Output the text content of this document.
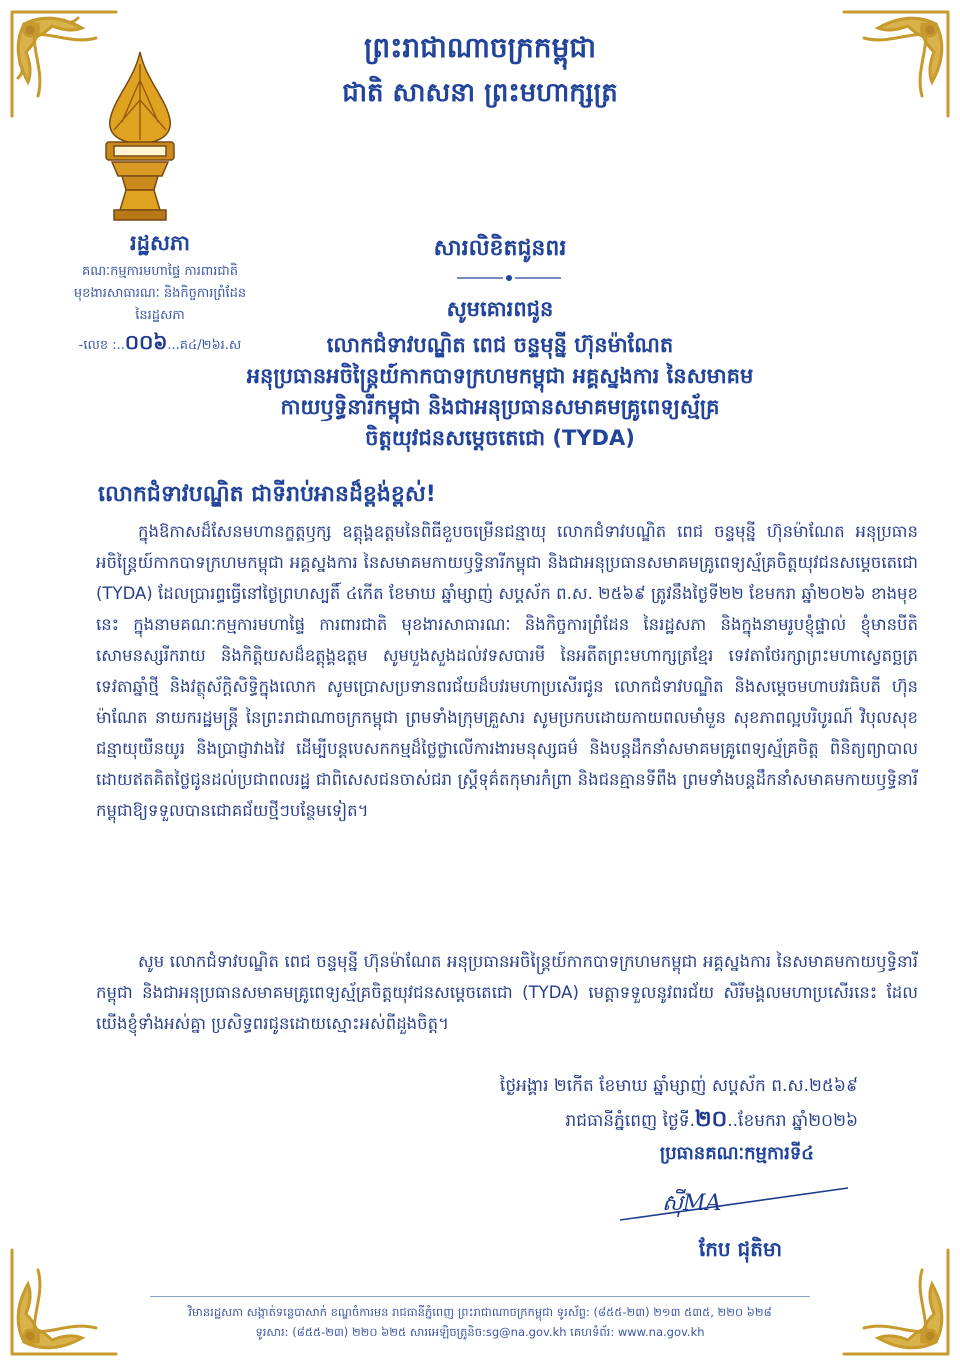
ព្រះរាជាណាចក្រកម្ពុជា
ជាតិ សាសនា ព្រះមហាក្សត្រ
រដ្ឋសភា
គណៈកម្មការមហាផ្ទៃ ការពារជាតិ
មុខងារសាធារណៈ និងកិច្ចការព្រំដែន
នៃរដ្ឋសភា
-លេខ :..០០៦...គ៤/២៦រ.ស
សារលិខិតជូនពរ
សូមគោរពជូន
លោកជំទាវបណ្ឌិត ពេជ ចន្ទមុន្នី ហ៊ុនម៉ាណែត
អនុប្រធានអចិន្ត្រៃយ៍កាកបាទក្រហមកម្ពុជា អគ្គស្នងការ នៃសមាគម
កាយឫទ្ធិនារីកម្ពុជា និងជាអនុប្រធានសមាគមគ្រូពេទ្យស្ម័គ្រ
ចិត្តយុវជនសម្តេចតេជោ (TYDA)
លោកជំទាវបណ្ឌិត ជាទីរាប់អានដ៏ខ្ពង់ខ្ពស់!
ក្នុងឱកាសដ៏សែនមហានក្ខត្តឫក្ស ឧត្តុង្គឧត្តមនៃពិធីខួបចម្រើនជន្មាយុ លោកជំទាវបណ្ឌិត ពេជ ចន្ទមុន្នី ហ៊ុនម៉ាណែត អនុប្រធានអចិន្ត្រៃយ៍កាកបាទក្រហមកម្ពុជា អគ្គស្នងការ នៃសមាគមកាយឫទ្ធិនារីកម្ពុជា និងជាអនុប្រធានសមាគមគ្រូពេទ្យស្ម័គ្រចិត្តយុវជនសម្តេចតេជោ (TYDA) ដែលប្រារព្ធធ្វើនៅថ្ងៃព្រហស្បតិ៍ ៤កើត ខែមាឃ ឆ្នាំម្សាញ់ សប្តស័ក ព.ស. ២៥៦៩ ត្រូវនឹងថ្ងៃទី២២ ខែមករា ឆ្នាំ២០២៦ ខាងមុខនេះ ក្នុងនាមគណៈកម្មការមហាផ្ទៃ ការពារជាតិ មុខងារសាធារណៈ និងកិច្ចការព្រំដែន នៃរដ្ឋសភា និងក្នុងនាមរូបខ្ញុំផ្ទាល់ ខ្ញុំមានបីតិសោមនស្សរីករាយ និងកិត្តិយសដ៏ឧត្តុង្គឧត្តម សូមបួងសួងដល់វទសបារមី នៃអតីតព្រះមហាក្សត្រខ្មែរ ទេវតាថែរក្សាព្រះមហាស្វេតច្ឆត្រ ទេវតាឆ្នាំថ្មី និងវត្ថុស័ក្តិសិទ្ធិក្នុងលោក សូមប្រោសប្រទានពរជ័យដ៏បវរមហាប្រសើរជូន លោកជំទាវបណ្ឌិត និងសម្តេចមហាបវរធិបតី ហ៊ុន ម៉ាណែត នាយករដ្ឋមន្ត្រី នៃព្រះរាជាណាចក្រកម្ពុជា ព្រមទាំងក្រុមគ្រួសារ សូមប្រកបដោយកាយពលមាំមួន សុខភាពល្អបរិបូរណ៍ វិបុលសុខ ជន្មាយុយឺនយូរ និងប្រាជ្ញាវាងវៃ ដើម្បីបន្តបេសកកម្មដ៏ថ្លៃថ្លាលើការងារមនុស្សធម៌ និងបន្តដឹកនាំសមាគមគ្រូពេទ្យស្ម័គ្រចិត្ត ពិនិត្យព្យាបាលដោយឥតគិតថ្លៃជូនដល់ប្រជាពលរដ្ឋ ជាពិសេសជនចាស់ជរា ស្ត្រីទុគ៌តកុមារកំព្រា និងជនគ្មានទីពឹង ព្រមទាំងបន្តដឹកនាំសមាគមកាយឫទ្ធិនារីកម្ពុជាឱ្យទទួលបានជោគជ័យថ្មីៗបន្ថែមទៀត។
សូម លោកជំទាវបណ្ឌិត ពេជ ចន្ទមុន្នី ហ៊ុនម៉ាណែត អនុប្រធានអចិន្ត្រៃយ៍កាកបាទក្រហមកម្ពុជា អគ្គស្នងការ នៃសមាគមកាយឫទ្ធិនារីកម្ពុជា និងជាអនុប្រធានសមាគមគ្រូពេទ្យស្ម័គ្រចិត្តយុវជនសម្តេចតេជោ (TYDA) មេត្តាទទួលនូវពរជ័យ សិរីមង្គលមហាប្រសើរនេះ ដែលយើងខ្ញុំទាំងអស់គ្នា ប្រសិទ្ធពរជូនដោយស្មោះអស់ពីដួងចិត្ត។
ថ្ងៃអង្គារ ២កើត ខែមាឃ ឆ្នាំម្សាញ់ សប្តស័ក ព.ស.២៥៦៩
រាជធានីភ្នំពេញ ថ្ងៃទី.២០..ខែមករា ឆ្នាំ២០២៦
ប្រធានគណៈកម្មការទី៤
ស៊ីMA
កែប ជុតិមា
វិមានរដ្ឋសភា សង្កាត់ទន្លេបាសាក់ ខណ្ឌចំការមន រាជធានីភ្នំពេញ ព្រះរាជាណាចក្រកម្ពុជា ទូរស័ព្ទ: (៨៥៥-២៣) ២១៣ ៥៣៥, ២២០ ៦២៨
ទូរសារ: (៨៥៥-២៣) ២២០ ៦២៥ សារអេឡិចត្រូនិច:sg@na.gov.kh គេហទំព័រ: www.na.gov.kh
